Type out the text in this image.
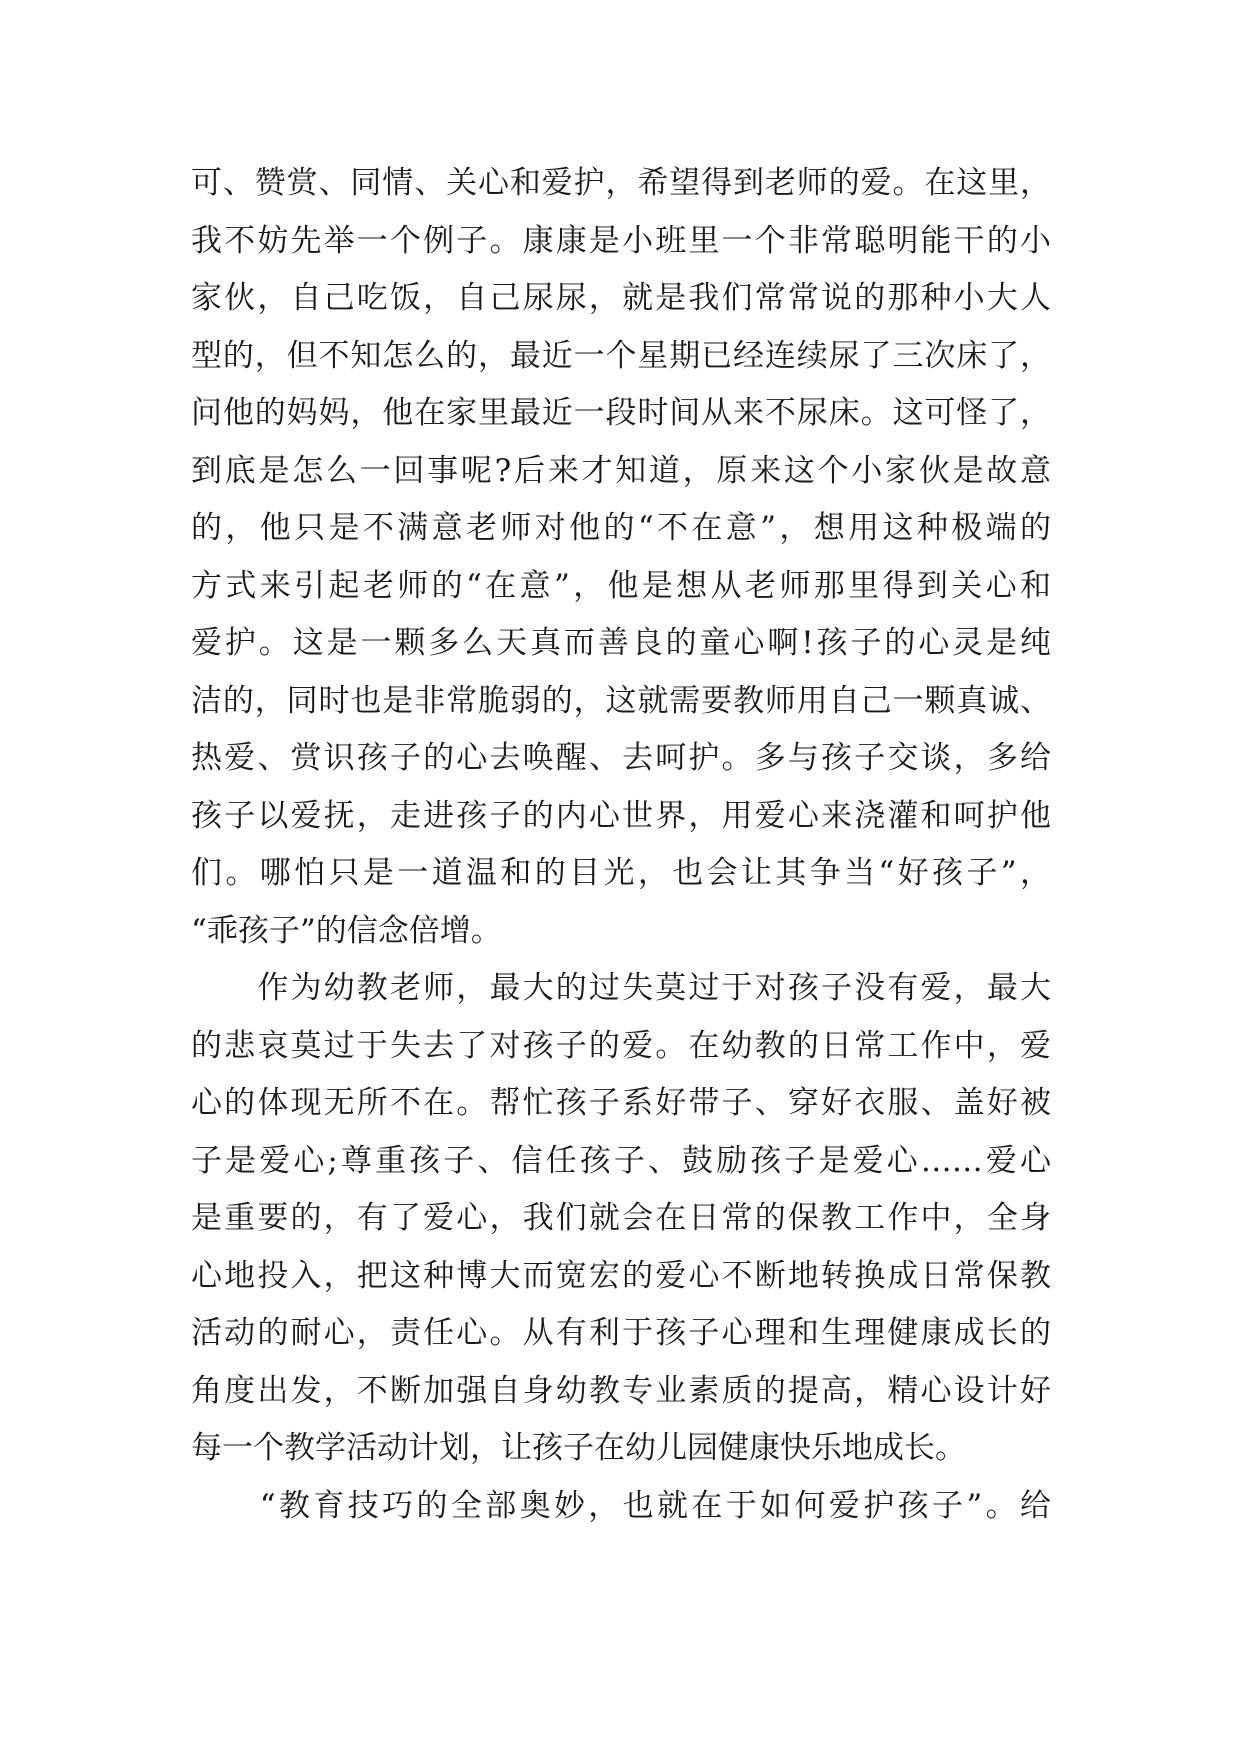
可、赞赏、同情、关心和爱护，希望得到老师的爱。在这里，
我不妨先举一个例子。康康是小班里一个非常聪明能干的小
家伙，自己吃饭，自己尿尿，就是我们常常说的那种小大人
型的，但不知怎么的，最近一个星期已经连续尿了三次床了，
问他的妈妈，他在家里最近一段时间从来不尿床。这可怪了，
到底是怎么一回事呢?后来才知道，原来这个小家伙是故意
的，他只是不满意老师对他的“不在意”，想用这种极端的
方式来引起老师的“在意”，他是想从老师那里得到关心和
爱护。这是一颗多么天真而善良的童心啊!孩子的心灵是纯
洁的，同时也是非常脆弱的，这就需要教师用自己一颗真诚、
热爱、赏识孩子的心去唤醒、去呵护。多与孩子交谈，多给
孩子以爱抚，走进孩子的内心世界，用爱心来浇灌和呵护他
们。哪怕只是一道温和的目光，也会让其争当“好孩子”，
“乖孩子”的信念倍增。
　　作为幼教老师，最大的过失莫过于对孩子没有爱，最大
的悲哀莫过于失去了对孩子的爱。在幼教的日常工作中，爱
心的体现无所不在。帮忙孩子系好带子、穿好衣服、盖好被
子是爱心;尊重孩子、信任孩子、鼓励孩子是爱心……爱心
是重要的，有了爱心，我们就会在日常的保教工作中，全身
心地投入，把这种博大而宽宏的爱心不断地转换成日常保教
活动的耐心，责任心。从有利于孩子心理和生理健康成长的
角度出发，不断加强自身幼教专业素质的提高，精心设计好
每一个教学活动计划，让孩子在幼儿园健康快乐地成长。
　　“教育技巧的全部奥妙，也就在于如何爱护孩子”。给
